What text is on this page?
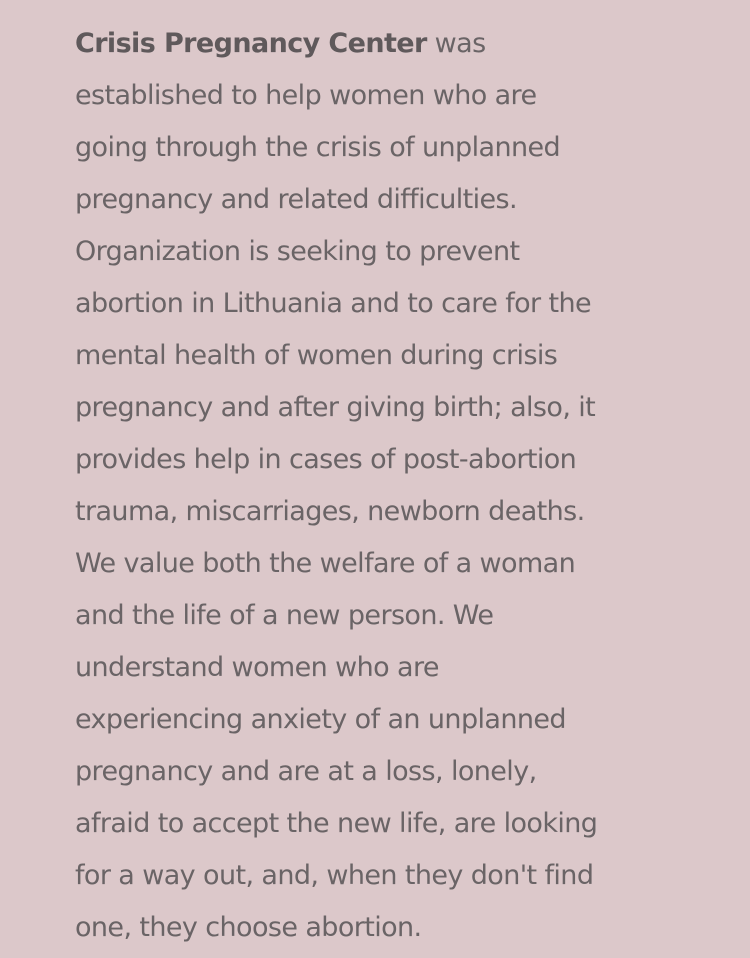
Crisis Pregnancy Center was
established to help women who are
going through the crisis of unplanned
pregnancy and related difficulties.
Organization is seeking to prevent
abortion in Lithuania and to care for the
mental health of women during crisis
pregnancy and after giving birth; also, it
provides help in cases of post-abortion
trauma, miscarriages, newborn deaths.
We value both the welfare of a woman
and the life of a new person. We
understand women who are
experiencing anxiety of an unplanned
pregnancy and are at a loss, lonely,
afraid to accept the new life, are looking
for a way out, and, when they don't find
one, they choose abortion.
